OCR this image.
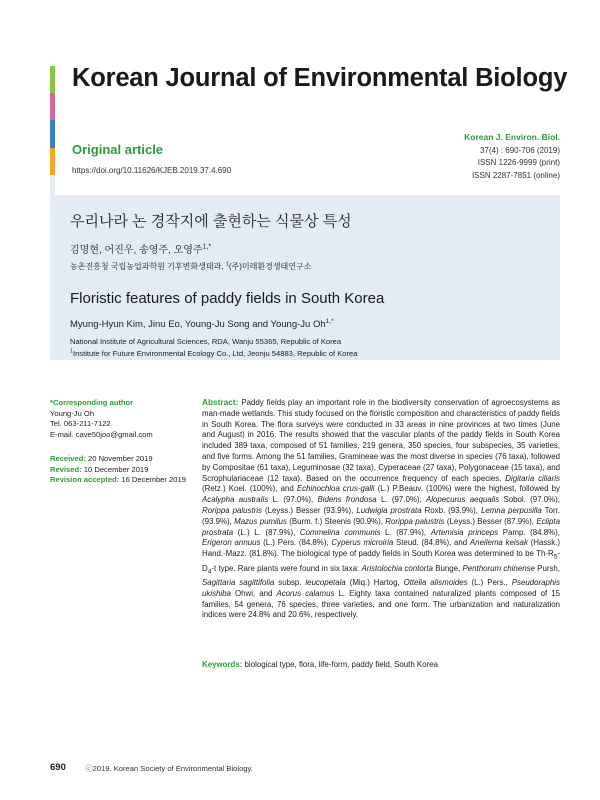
Korean Journal of Environmental Biology
Original article
https://doi.org/10.11626/KJEB.2019.37.4.690
Korean J. Environ. Biol.
37(4) : 690-706 (2019)
ISSN 1226-9999 (print)
ISSN 2287-7851 (online)
우리나라 논 경작지에 출현하는 식물상 특성
김명현, 어진우, 송영주, 오영주$^{1,*}$
농촌진흥청 국립농업과학원 기후변화생태과, $^1$(주)미래환경생태연구소
Floristic features of paddy fields in South Korea
Myung-Hyun Kim, Jinu Eo, Young-Ju Song and Young-Ju $Oh^{1,*}$
National Institute of Agricultural Sciences, RDA, Wanju 55365, Republic of Korea
$^1$Institute for Future Environmental Ecology Co., Ltd, Jeonju 54883, Republic of Korea
*Corresponding author
Young-Ju Oh
Tel. 063-211-7122
E-mail. cave50joo@gmail.com
Received: 20 November 2019
Revised: 10 December 2019
Revision accepted: 16 December 2019
Abstract: Paddy fields play an important role in the biodiversity conservation of agroecosystems as man-made wetlands. This study focused on the floristic composition and characteristics of paddy fields in South Korea. The flora surveys were conducted in 33 areas in nine provinces at two times (June and August) in 2016. The results showed that the vascular plants of the paddy fields in South Korea included 389 taxa, composed of 51 families, 219 genera, 350 species, four subspecies, 35 varieties, and five forms. Among the 51 families, Gramineae was the most diverse in species (76 taxa), followed by Compositae (61 taxa), Leguminosae (32 taxa), Cyperaceae (27 taxa), Polygonaceae (15 taxa), and Scrophulariaceae (12 taxa). Based on the occurrence frequency of each species, Digitaria ciliaris (Retz.) Koel. (100%), and Echinochloa crus-galli (L.) P.Beauv. (100%) were the highest, followed by Acalypha australis L. (97.0%), Bidens frondosa L. (97.0%), Alopecurus aequalis Sobol. (97.0%), Rorippa palustris (Leyss.) Besser (93.9%), Ludwigia prostrata Roxb. (93.9%), Lemna perpusilla Torr. (93.9%), Mazus pumilus (Burm. f.) Steenis (90.9%), Rorippa palustris (Leyss.) Besser (87.9%), Eclipta prostrata (L.) L. (87.9%), Commelina communis L. (87.9%), Artemisia princeps Pamp. (84.8%), Erigeron annuus (L.) Pers. (84.8%), Cyperus microiria Steud. (84.8%), and Aneilema keisak (Hassk.) Hand.-Mazz. (81.8%). The biological type of paddy fields in South Korea was determined to be $Th-R_5-D_4-t$ type. Rare plants were found in six taxa: Aristolochia contorta Bunge, Penthorum chinense Pursh, Sagittaria sagittifolia subsp. leucopetala (Miq.) Hartog, Ottelia alismoides (L.) Pers., Pseudoraphis ukishiba Ohwi, and Acorus calamus L. Eighty taxa contained naturalized plants composed of 15 families, 54 genera, 76 species, three varieties, and one form. The urbanization and naturalization indices were 24.8% and 20.6%, respectively.
Keywords: biological type, flora, life-form, paddy field, South Korea
690	ⓒ2019. Korean Society of Environmental Biology.
